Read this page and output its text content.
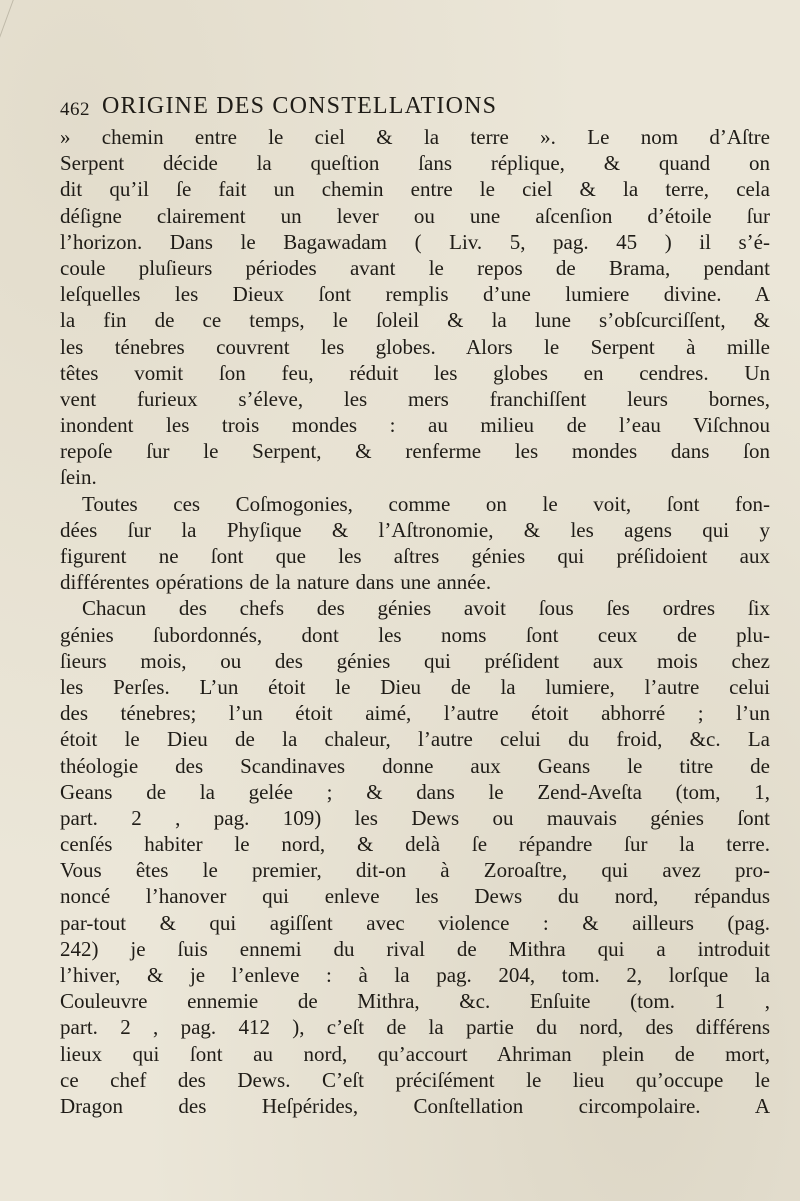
462 ORIGINE DES CONSTELLATIONS
» chemin entre le ciel & la terre ». Le nom d’Aſtre
Serpent décide la queſtion ſans réplique, & quand on
dit qu’il ſe fait un chemin entre le ciel & la terre, cela
déſigne clairement un lever ou une aſcenſion d’étoile ſur
l’horizon. Dans le Bagawadam ( Liv. 5, pag. 45 ) il s’é-
coule pluſieurs périodes avant le repos de Brama, pendant
leſquelles les Dieux ſont remplis d’une lumiere divine. A
la fin de ce temps, le ſoleil & la lune s’obſcurciſſent, &
les ténebres couvrent les globes. Alors le Serpent à mille
têtes vomit ſon feu, réduit les globes en cendres. Un
vent furieux s’éleve, les mers franchiſſent leurs bornes,
inondent les trois mondes : au milieu de l’eau Viſchnou
repoſe ſur le Serpent, & renferme les mondes dans ſon
ſein.
Toutes ces Coſmogonies, comme on le voit, ſont fon-
dées ſur la Phyſique & l’Aſtronomie, & les agens qui y
figurent ne ſont que les aſtres génies qui préſidoient aux
différentes opérations de la nature dans une année.
Chacun des chefs des génies avoit ſous ſes ordres ſix
génies ſubordonnés, dont les noms ſont ceux de plu-
ſieurs mois, ou des génies qui préſident aux mois chez
les Perſes. L’un étoit le Dieu de la lumiere, l’autre celui
des ténebres; l’un étoit aimé, l’autre étoit abhorré ; l’un
étoit le Dieu de la chaleur, l’autre celui du froid, &c. La
théologie des Scandinaves donne aux Geans le titre de
Geans de la gelée ; & dans le Zend-Aveſta (tom, 1,
part. 2 , pag. 109) les Dews ou mauvais génies ſont
cenſés habiter le nord, & delà ſe répandre ſur la terre.
Vous êtes le premier, dit-on à Zoroaſtre, qui avez pro-
noncé l’hanover qui enleve les Dews du nord, répandus
par-tout & qui agiſſent avec violence : & ailleurs (pag.
242) je ſuis ennemi du rival de Mithra qui a introduit
l’hiver, & je l’enleve : à la pag. 204, tom. 2, lorſque la
Couleuvre ennemie de Mithra, &c. Enſuite (tom. 1 ,
part. 2 , pag. 412 ), c’eſt de la partie du nord, des différens
lieux qui ſont au nord, qu’accourt Ahriman plein de mort,
ce chef des Dews. C’eſt préciſément le lieu qu’occupe le
Dragon des Heſpérides, Conſtellation circompolaire. A
